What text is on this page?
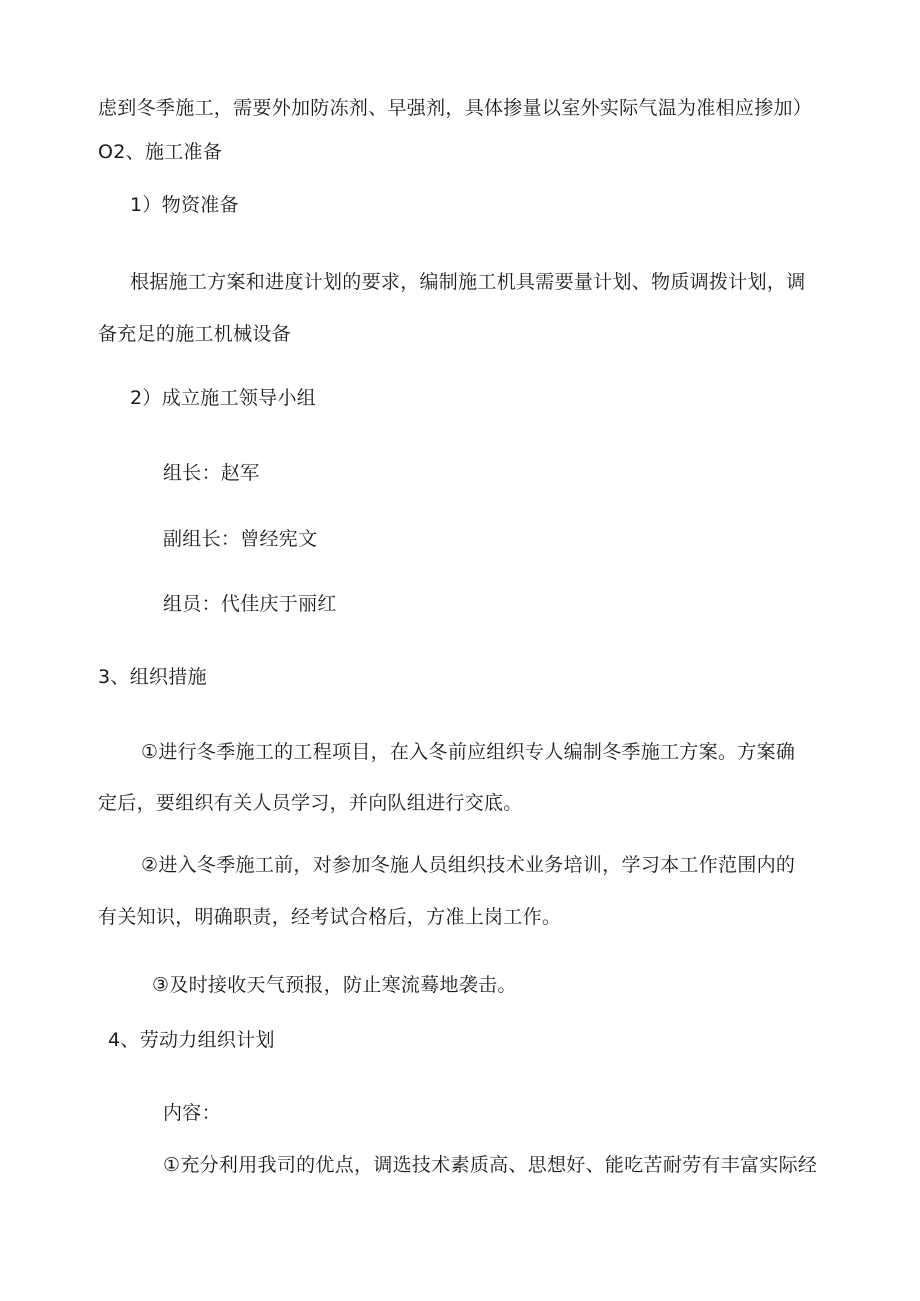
虑到冬季施工，需要外加防冻剂、早强剂，具体掺量以室外实际气温为准相应掺加）
O2、施工准备
1）物资准备
根据施工方案和进度计划的要求，编制施工机具需要量计划、物质调拨计划，调
备充足的施工机械设备
2）成立施工领导小组
组长：赵军
副组长：曾经宪文
组员：代佳庆于丽红
3、组织措施
①进行冬季施工的工程项目，在入冬前应组织专人编制冬季施工方案。方案确
定后，要组织有关人员学习，并向队组进行交底。
②进入冬季施工前，对参加冬施人员组织技术业务培训，学习本工作范围内的
有关知识，明确职责，经考试合格后，方准上岗工作。
③及时接收天气预报，防止寒流蓦地袭击。
4、劳动力组织计划
内容：
①充分利用我司的优点，调选技术素质高、思想好、能吃苦耐劳有丰富实际经
